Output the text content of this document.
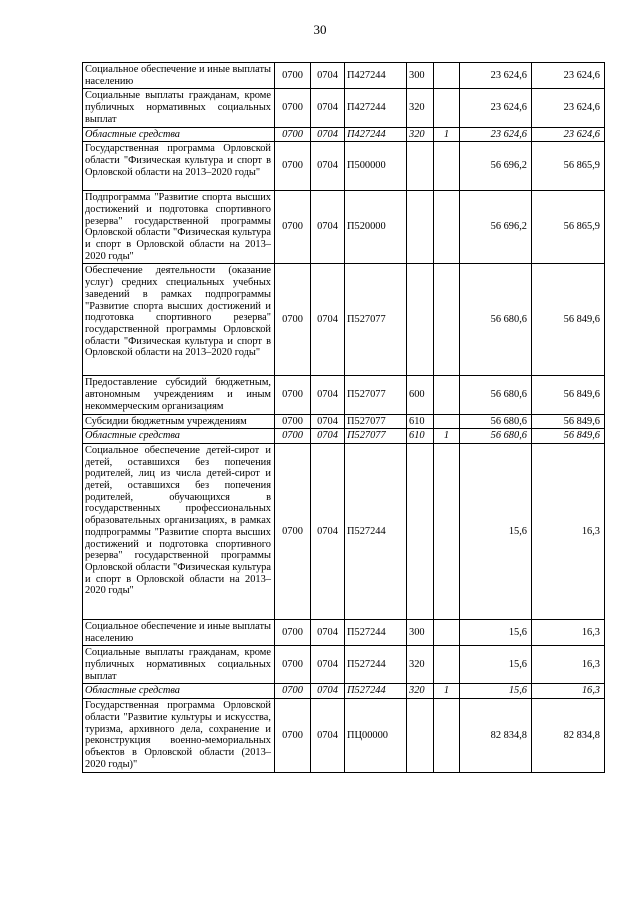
30
Социальное обеспечение и иные выплаты населению	0700	0704	П427244	300		23 624,6	23 624,6
Социальные выплаты гражданам, кроме публичных нормативных социальных выплат	0700	0704	П427244	320		23 624,6	23 624,6
Областные средства	0700	0704	П427244	320	1	23 624,6	23 624,6
Государственная программа Орловской области "Физическая культура и спорт в Орловской области на 2013–2020 годы"	0700	0704	П500000			56 696,2	56 865,9
Подпрограмма "Развитие спорта высших достижений и подготовка спортивного резерва" государственной программы Орловской области "Физическая культура и спорт в Орловской области на 2013–2020 годы"	0700	0704	П520000			56 696,2	56 865,9
Обеспечение деятельности (оказание услуг) средних специальных учебных заведений в рамках подпрограммы "Развитие спорта высших достижений и подготовка спортивного резерва" государственной программы Орловской области "Физическая культура и спорт в Орловской области на 2013–2020 годы"	0700	0704	П527077			56 680,6	56 849,6
Предоставление субсидий бюджетным, автономным учреждениям и иным некоммерческим организациям	0700	0704	П527077	600		56 680,6	56 849,6
Субсидии бюджетным учреждениям	0700	0704	П527077	610		56 680,6	56 849,6
Областные средства	0700	0704	П527077	610	1	56 680,6	56 849,6
Социальное обеспечение детей-сирот и детей, оставшихся без попечения родителей, лиц из числа детей-сирот и детей, оставшихся без попечения родителей, обучающихся в государственных профессиональных образовательных организациях, в рамках подпрограммы "Развитие спорта высших достижений и подготовка спортивного резерва" государственной программы Орловской области "Физическая культура и спорт в Орловской области на 2013–2020 годы"	0700	0704	П527244			15,6	16,3
Социальное обеспечение и иные выплаты населению	0700	0704	П527244	300		15,6	16,3
Социальные выплаты гражданам, кроме публичных нормативных социальных выплат	0700	0704	П527244	320		15,6	16,3
Областные средства	0700	0704	П527244	320	1	15,6	16,3
Государственная программа Орловской области "Развитие культуры и искусства, туризма, архивного дела, сохранение и реконструкция военно-мемориальных объектов в Орловской области (2013–2020 годы)"	0700	0704	ПЦ00000			82 834,8	82 834,8
